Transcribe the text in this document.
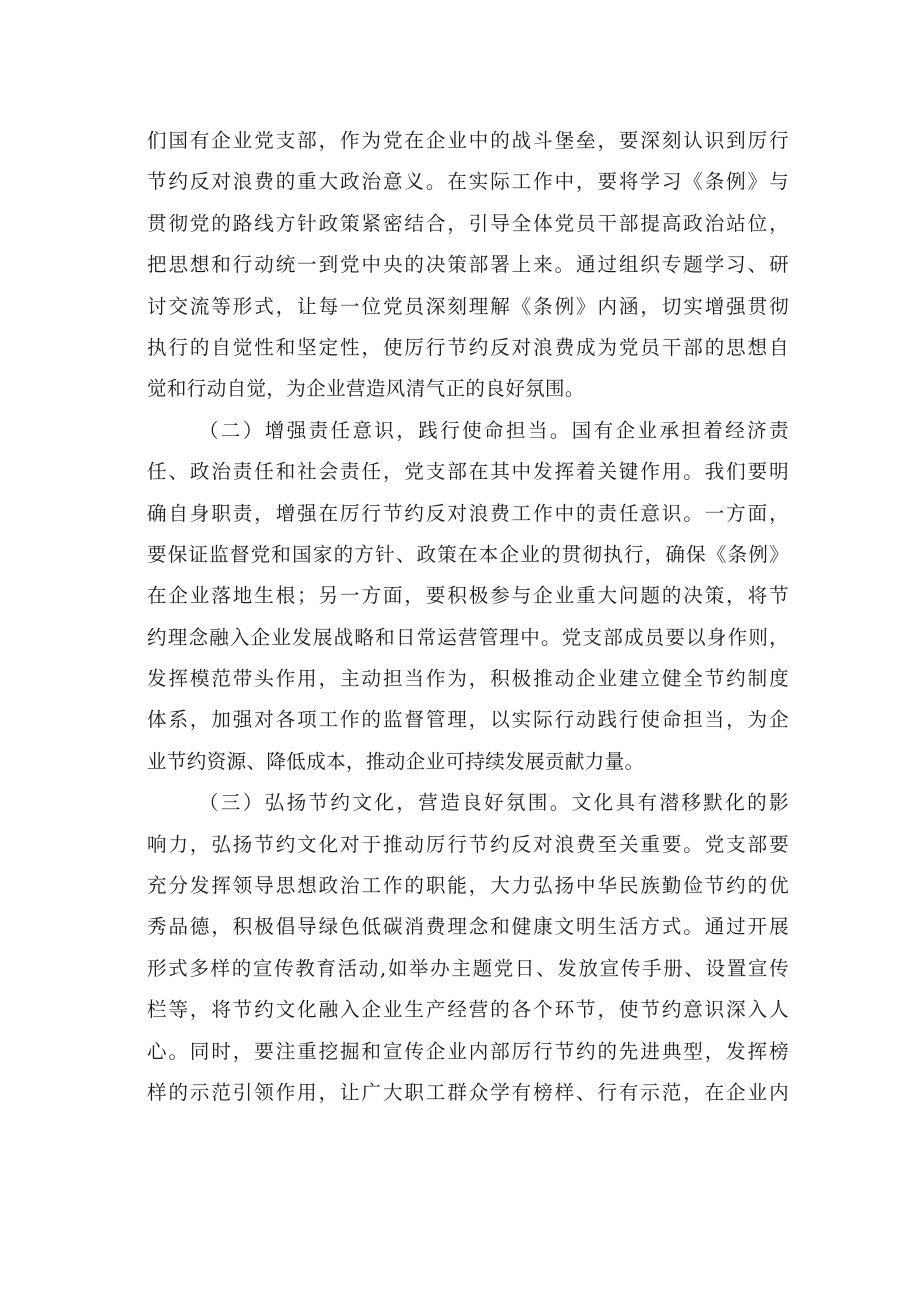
们国有企业党支部，作为党在企业中的战斗堡垒，要深刻认识到厉行
节约反对浪费的重大政治意义。在实际工作中，要将学习《条例》与
贯彻党的路线方针政策紧密结合，引导全体党员干部提高政治站位，
把思想和行动统一到党中央的决策部署上来。通过组织专题学习、研
讨交流等形式，让每一位党员深刻理解《条例》内涵，切实增强贯彻
执行的自觉性和坚定性，使厉行节约反对浪费成为党员干部的思想自
觉和行动自觉，为企业营造风清气正的良好氛围。
（二）增强责任意识，践行使命担当。国有企业承担着经济责
任、政治责任和社会责任，党支部在其中发挥着关键作用。我们要明
确自身职责，增强在厉行节约反对浪费工作中的责任意识。一方面，
要保证监督党和国家的方针、政策在本企业的贯彻执行，确保《条例》
在企业落地生根；另一方面，要积极参与企业重大问题的决策，将节
约理念融入企业发展战略和日常运营管理中。党支部成员要以身作则，
发挥模范带头作用，主动担当作为，积极推动企业建立健全节约制度
体系，加强对各项工作的监督管理，以实际行动践行使命担当，为企
业节约资源、降低成本，推动企业可持续发展贡献力量。
（三）弘扬节约文化，营造良好氛围。文化具有潜移默化的影
响力，弘扬节约文化对于推动厉行节约反对浪费至关重要。党支部要
充分发挥领导思想政治工作的职能，大力弘扬中华民族勤俭节约的优
秀品德，积极倡导绿色低碳消费理念和健康文明生活方式。通过开展
形式多样的宣传教育活动,如举办主题党日、发放宣传手册、设置宣传
栏等，将节约文化融入企业生产经营的各个环节，使节约意识深入人
心。同时，要注重挖掘和宣传企业内部厉行节约的先进典型，发挥榜
样的示范引领作用，让广大职工群众学有榜样、行有示范，在企业内
